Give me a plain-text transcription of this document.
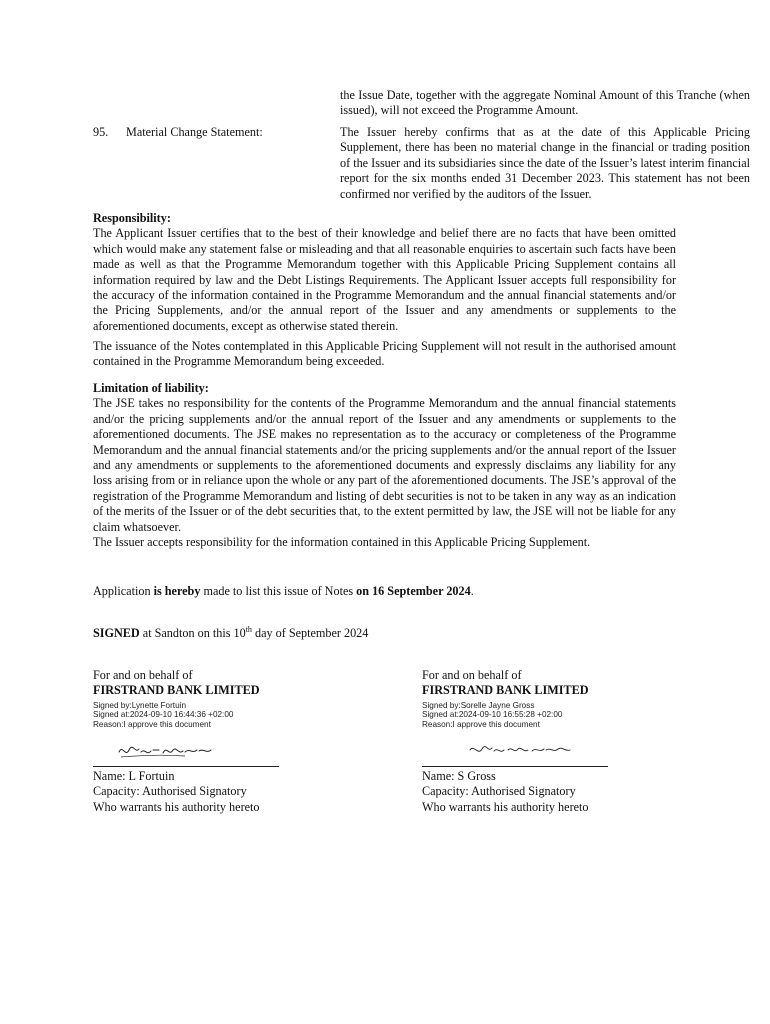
the Issue Date, together with the aggregate Nominal Amount of this Tranche (when issued), will not exceed the Programme Amount.
95. Material Change Statement:	The Issuer hereby confirms that as at the date of this Applicable Pricing Supplement, there has been no material change in the financial or trading position of the Issuer and its subsidiaries since the date of the Issuer’s latest interim financial report for the six months ended 31 December 2023. This statement has not been confirmed nor verified by the auditors of the Issuer.
Responsibility:
The Applicant Issuer certifies that to the best of their knowledge and belief there are no facts that have been omitted which would make any statement false or misleading and that all reasonable enquiries to ascertain such facts have been made as well as that the Programme Memorandum together with this Applicable Pricing Supplement contains all information required by law and the Debt Listings Requirements. The Applicant Issuer accepts full responsibility for the accuracy of the information contained in the Programme Memorandum and the annual financial statements and/or the Pricing Supplements, and/or the annual report of the Issuer and any amendments or supplements to the aforementioned documents, except as otherwise stated therein.
The issuance of the Notes contemplated in this Applicable Pricing Supplement will not result in the authorised amount contained in the Programme Memorandum being exceeded.
Limitation of liability:
The JSE takes no responsibility for the contents of the Programme Memorandum and the annual financial statements and/or the pricing supplements and/or the annual report of the Issuer and any amendments or supplements to the aforementioned documents. The JSE makes no representation as to the accuracy or completeness of the Programme Memorandum and the annual financial statements and/or the pricing supplements and/or the annual report of the Issuer and any amendments or supplements to the aforementioned documents and expressly disclaims any liability for any loss arising from or in reliance upon the whole or any part of the aforementioned documents. The JSE’s approval of the registration of the Programme Memorandum and listing of debt securities is not to be taken in any way as an indication of the merits of the Issuer or of the debt securities that, to the extent permitted by law, the JSE will not be liable for any claim whatsoever.
The Issuer accepts responsibility for the information contained in this Applicable Pricing Supplement.
Application is hereby made to list this issue of Notes on 16 September 2024.
SIGNED at Sandton on this 10th day of September 2024
For and on behalf of
FIRSTRAND BANK LIMITED
Signed by:Lynette Fortuin
Signed at:2024-09-10 16:44:36 +02:00
Reason:I approve this document
Name: L Fortuin
Capacity: Authorised Signatory
Who warrants his authority hereto
For and on behalf of
FIRSTRAND BANK LIMITED
Signed by:Sorelle Jayne Gross
Signed at:2024-09-10 16:55:28 +02:00
Reason:I approve this document
Name: S Gross
Capacity: Authorised Signatory
Who warrants his authority hereto
